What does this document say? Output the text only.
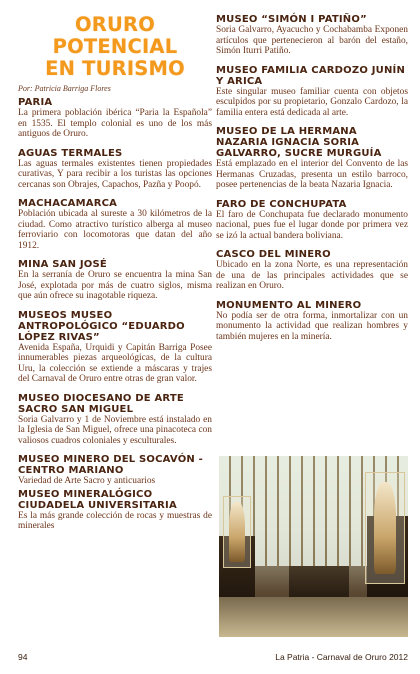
ORURO POTENCIAL
EN TURISMO
Por: Patricia Barriga Flores
PARIA
La primera población ibérica “Paria la Española” en 1535. El templo colonial es uno de los más antiguos de Oruro.
AGUAS TERMALES
Las aguas termales existentes tienen propiedades curativas, Y para recibir a los turistas las opciones cercanas son Obrajes, Capachos, Pazña y Poopó.
MACHACAMARCA
Población ubicada al sureste a 30 kilómetros de la ciudad. Como atractivo turístico alberga al museo ferroviario con locomotoras que datan del año 1912.
MINA SAN JOSÉ
En la serranía de Oruro se encuentra la mina San José, explotada por más de cuatro siglos, misma que aún ofrece su inagotable riqueza.
MUSEOS MUSEO ANTROPOLÓGICO “EDUARDO LÓPEZ RIVAS”
Avenida España, Urquidi y Capitán Barriga Posee innumerables piezas arqueológicas, de la cultura Uru, la colección se extiende a máscaras y trajes del Carnaval de Oruro entre otras de gran valor.
MUSEO DIOCESANO DE ARTE SACRO SAN MIGUEL
Soria Galvarro y 1 de Noviembre está instalado en la Iglesia de San Miguel, ofrece una pinacoteca con valiosos cuadros coloniales y esculturales.
MUSEO MINERO DEL SOCAVÓN - CENTRO MARIANO
Variedad de Arte Sacro y anticuarios
MUSEO MINERALÓGICO CIUDADELA UNIVERSITARIA
Es la más grande colección de rocas y muestras de minerales
MUSEO “SIMÓN I PATIÑO”
Soria Galvarro, Ayacucho y Cochabamba Exponen artículos que pertenecieron al barón del estaño, Simón Iturri Patiño.
MUSEO FAMILIA CARDOZO JUNÍN Y ARICA
Este singular museo familiar cuenta con objetos esculpidos por su propietario, Gonzalo Cardozo, la familia entera está dedicada al arte.
MUSEO DE LA HERMANA NAZARIA IGNACIA SORIA GALVARRO, SUCRE MURGUÍA
Está emplazado en el interior del Convento de las Hermanas Cruzadas, presenta un estilo barroco, posee pertenencias de la beata Nazaria Ignacia.
FARO DE CONCHUPATA
El faro de Conchupata fue declarado monumento nacional, pues fue el lugar donde por primera vez se izó la actual bandera boliviana.
CASCO DEL MINERO
Ubicado en la zona Norte, es una representación de una de las principales actividades que se realizan en Oruro.
MONUMENTO AL MINERO
No podía ser de otra forma, inmortalizar con un monumento la actividad que realizan hombres y también mujeres en la minería.
94	La Patria - Carnaval de Oruro 2012
